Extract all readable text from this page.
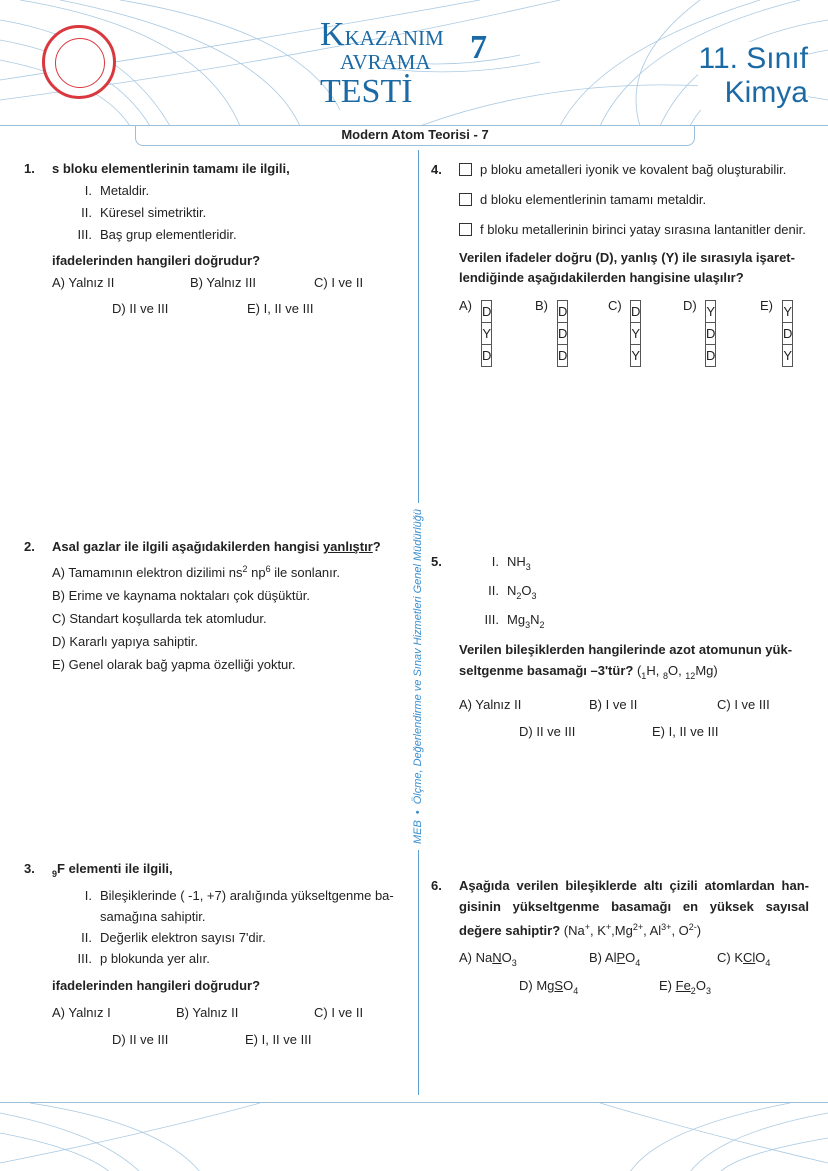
KKAZANIM
AVRAMA
TESTİ
7	11. Sınıf
Kimya
Modern Atom Teorisi - 7
MEB•Ölçme, Değerlendirme ve Sınav Hizmetleri Genel Müdürlüğü
1. s bloku elementlerinin tamamı ile ilgili,
I. Metaldir.
II. Küresel simetriktir.
III. Baş grup elementleridir.
ifadelerinden hangileri doğrudur?
A) Yalnız II	B) Yalnız III	C) I ve II
D) II ve III	E) I, II ve III
2. Asal gazlar ile ilgili aşağıdakilerden hangisi yanlıştır?
A) Tamamının elektron dizilimi $ns^2$ $np^6$ ile sonlanır.
B) Erime ve kaynama noktaları çok düşüktür.
C) Standart koşullarda tek atomludur.
D) Kararlı yapıya sahiptir.
E) Genel olarak bağ yapma özelliği yoktur.
3. $_9$F elementi ile ilgili,
I. Bileşiklerinde ( -1, +7) aralığında yükseltgenme ba-samağına sahiptir.
II. Değerlik elektron sayısı 7'dir.
III. p blokunda yer alır.
ifadelerinden hangileri doğrudur?
A) Yalnız I	B) Yalnız II	C) I ve II
D) II ve III	E) I, II ve III
4.	p bloku ametalleri iyonik ve kovalent bağ oluşturabilir.
d bloku elementlerinin tamamı metaldir.
f bloku metallerinin birinci yatay sırasına lantanitler denir.
Verilen ifadeler doğru (D), yanlış (Y) ile sırasıyla işaret-lendiğinde aşağıdakilerden hangisine ulaşılır?
A) D
Y
D
B) D
D
D
C) D
Y
Y
D) Y
D
D
E) Y
D
Y
5.	I. $NH_3$
II. $N_2O_3$
III. $Mg_3N_2$
Verilen bileşiklerden hangilerinde azot atomunun yük-seltgenme basamağı –3'tür? ($_1H$, $_8$O, $_{12}$Mg)
A) Yalnız II	B) I ve II	C) I ve III
D) II ve III	E) I, II ve III
6. Aşağıda verilen bileşiklerde altı çizili atomlardan han-gisinin yükseltgenme basamağı en yüksek sayısal değere sahiptir? (Na+, $K^+,Mg^{2+}$, $Al^{3+}$, $O^{2-}$)
A) NaNO$_3$	B) AlPO$_4$	C) KClO$_4$
D) MgSO$_4$	E) $Fe_2O_3$
